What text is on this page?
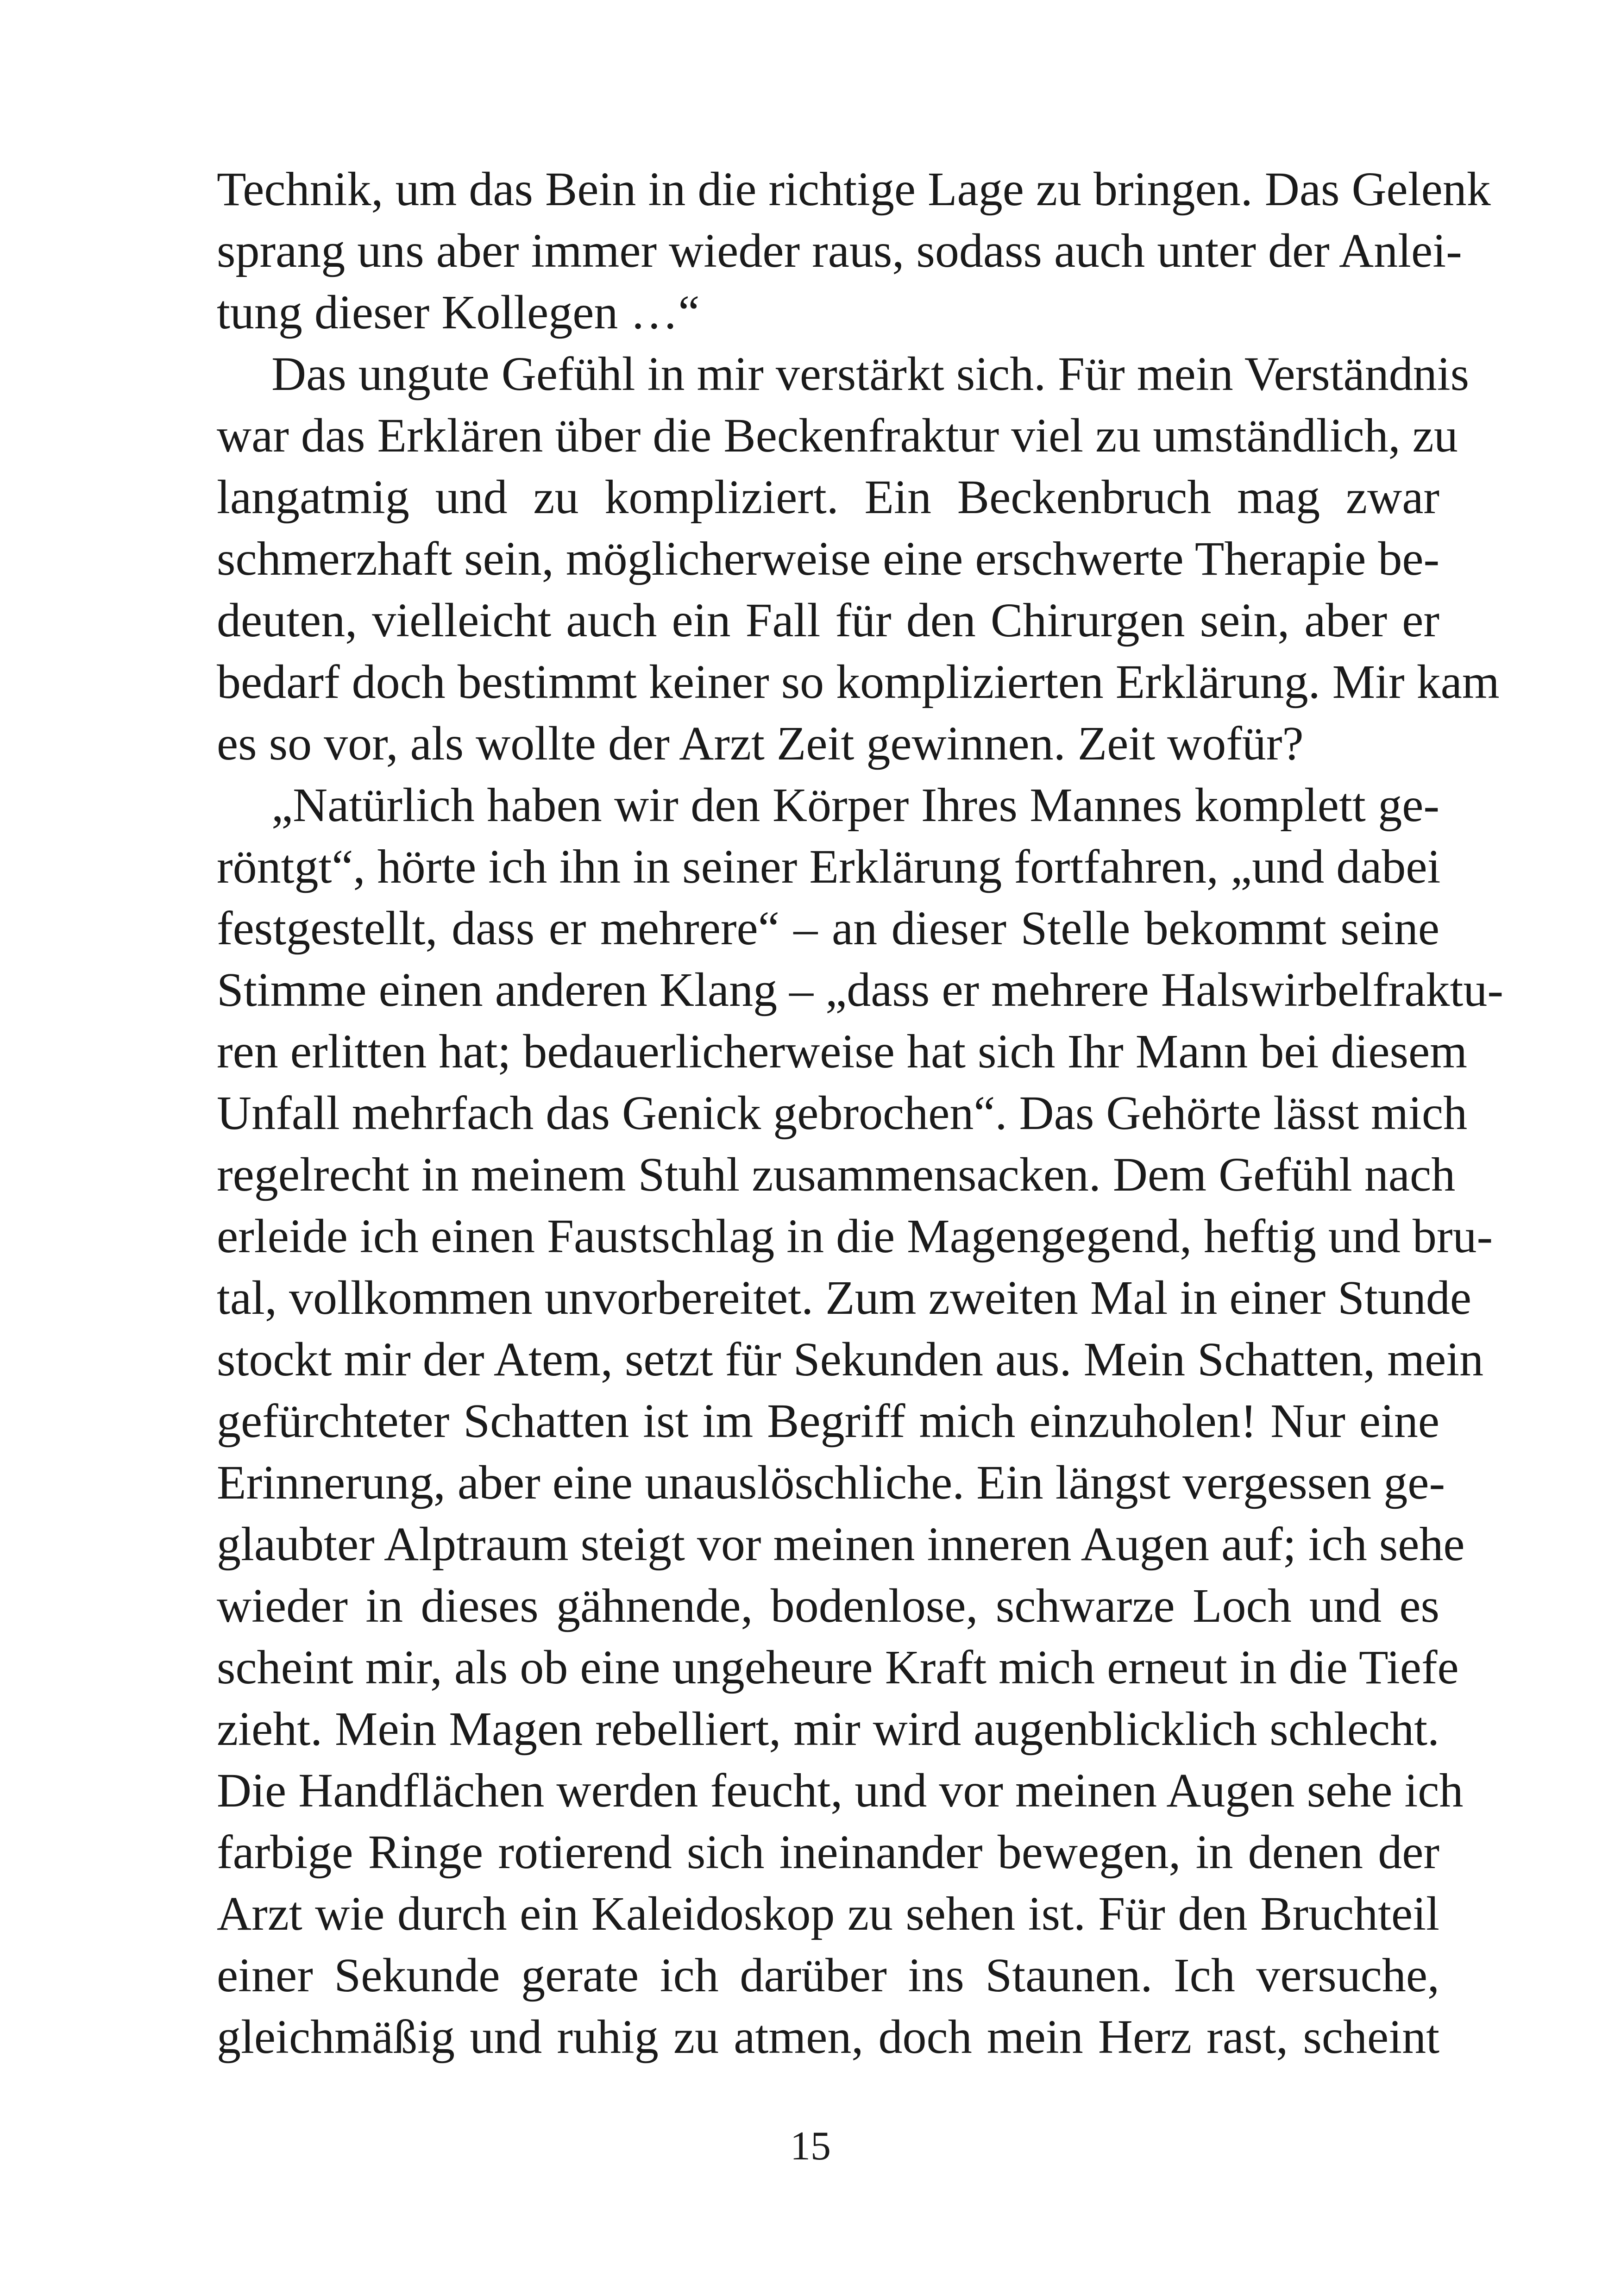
Technik, um das Bein in die richtige Lage zu bringen. Das Gelenk
sprang uns aber immer wieder raus, sodass auch unter der Anlei-
tung dieser Kollegen …“
Das ungute Gefühl in mir verstärkt sich. Für mein Verständnis
war das Erklären über die Beckenfraktur viel zu umständlich, zu
langatmig und zu kompliziert. Ein Beckenbruch mag zwar
schmerzhaft sein, möglicherweise eine erschwerte Therapie be-
deuten, vielleicht auch ein Fall für den Chirurgen sein, aber er
bedarf doch bestimmt keiner so komplizierten Erklärung. Mir kam
es so vor, als wollte der Arzt Zeit gewinnen. Zeit wofür?
„Natürlich haben wir den Körper Ihres Mannes komplett ge-
röntgt“, hörte ich ihn in seiner Erklärung fortfahren, „und dabei
festgestellt, dass er mehrere“ – an dieser Stelle bekommt seine
Stimme einen anderen Klang – „dass er mehrere Halswirbelfraktu-
ren erlitten hat; bedauerlicherweise hat sich Ihr Mann bei diesem
Unfall mehrfach das Genick gebrochen“. Das Gehörte lässt mich
regelrecht in meinem Stuhl zusammensacken. Dem Gefühl nach
erleide ich einen Faustschlag in die Magengegend, heftig und bru-
tal, vollkommen unvorbereitet. Zum zweiten Mal in einer Stunde
stockt mir der Atem, setzt für Sekunden aus. Mein Schatten, mein
gefürchteter Schatten ist im Begriff mich einzuholen! Nur eine
Erinnerung, aber eine unauslöschliche. Ein längst vergessen ge-
glaubter Alptraum steigt vor meinen inneren Augen auf; ich sehe
wieder in dieses gähnende, bodenlose, schwarze Loch und es
scheint mir, als ob eine ungeheure Kraft mich erneut in die Tiefe
zieht. Mein Magen rebelliert, mir wird augenblicklich schlecht.
Die Handflächen werden feucht, und vor meinen Augen sehe ich
farbige Ringe rotierend sich ineinander bewegen, in denen der
Arzt wie durch ein Kaleidoskop zu sehen ist. Für den Bruchteil
einer Sekunde gerate ich darüber ins Staunen. Ich versuche,
gleichmäßig und ruhig zu atmen, doch mein Herz rast, scheint
15
